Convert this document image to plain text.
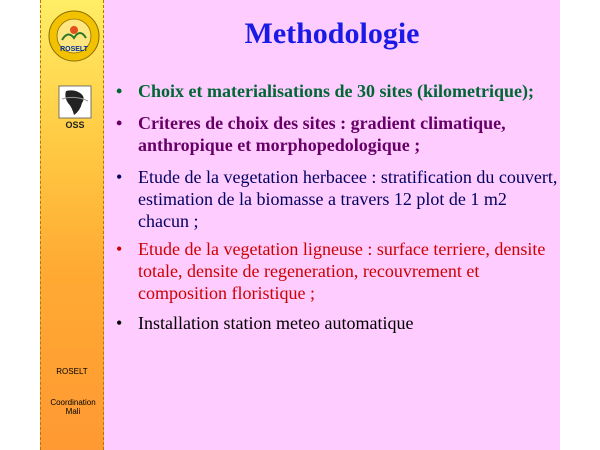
ROSELT
OSS
ROSELT
Coordination
Mali
Methodologie
• Choix et materialisations de 30 sites (kilometrique);
• Criteres de choix des sites : gradient climatique, anthropique et morphopedologique ;
• Etude de la vegetation herbacee : stratification du couvert, estimation de la biomasse a travers 12 plot de 1 m2 chacun ;
• Etude de la vegetation ligneuse : surface terriere, densite totale, densite de regeneration, recouvrement et composition floristique ;
• Installation station meteo automatique
